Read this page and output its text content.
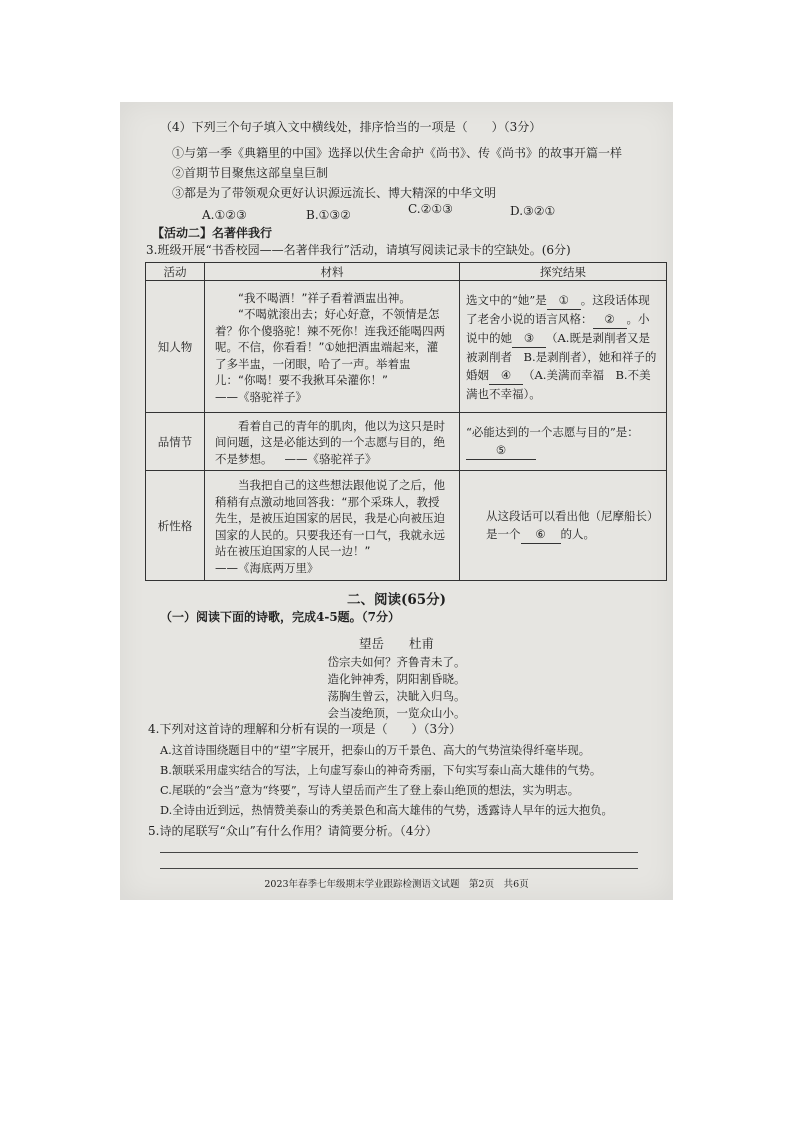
（4）下列三个句子填入文中横线处，排序恰当的一项是（　　）（3分）
①与第一季《典籍里的中国》选择以伏生舍命护《尚书》、传《尚书》的故事开篇一样
②首期节目聚焦这部皇皇巨制
③都是为了带领观众更好认识源远流长、博大精深的中华文明
A.①②③	B.①③②	C.②①③	D.③②①
【活动二】名著伴我行
3.班级开展“书香校园——名著伴我行”活动，请填写阅读记录卡的空缺处。(6分)
活动	材料	探究结果
知人物	　　“我不喝酒！”祥子看着酒盅出神。
　　“不喝就滚出去；好心好意，不领情是怎着？你个傻骆驼！辣不死你！连我还能喝四两呢。不信，你看看！”①她把酒盅端起来，灌了多半盅，一闭眼，哈了一声。举着盅儿：“你喝！要不我揪耳朵灌你！”
——《骆驼祥子》	选文中的“她”是 ① 。这段话体现了老舍小说的语言风格： ② 。小说中的她 ③ （A.既是剥削者又是被剥削者　B.是剥削者），她和祥子的婚姻 ④ （A.美满而幸福　B.不美满也不幸福）。

品情节	　　看着自己的青年的肌肉，他以为这只是时间问题，这是必能达到的一个志愿与目的，绝不是梦想。 ——《骆驼祥子》	“必能达到的一个志愿与目的”是：⑤

析性格	　　当我把自己的这些想法跟他说了之后，他稍稍有点激动地回答我：“那个采珠人，教授先生，是被压迫国家的居民，我是心向被压迫国家的人民的。只要我还有一口气，我就永远站在被压迫国家的人民一边！”
——《海底两万里》	从这段话可以看出他（尼摩船长）是一个 ⑥ 的人。
二、阅读(65分)
（一）阅读下面的诗歌，完成4-5题。（7分）
望岳　　杜甫
岱宗夫如何？齐鲁青未了。
造化钟神秀，阴阳割昏晓。
荡胸生曾云，决眦入归鸟。
会当凌绝顶，一览众山小。
4.下列对这首诗的理解和分析有误的一项是（　　）（3分）
A.这首诗围绕题目中的“望”字展开，把泰山的万千景色、高大的气势渲染得纤毫毕现。
B.颔联采用虚实结合的写法，上句虚写泰山的神奇秀丽，下句实写泰山高大雄伟的气势。
C.尾联的“会当”意为“终要”，写诗人望岳而产生了登上泰山绝顶的想法，实为明志。
D.全诗由近到远，热情赞美泰山的秀美景色和高大雄伟的气势，透露诗人早年的远大抱负。
5.诗的尾联写“众山”有什么作用？请简要分析。（4分）
2023年春季七年级期末学业跟踪检测语文试题　第2页　共6页
